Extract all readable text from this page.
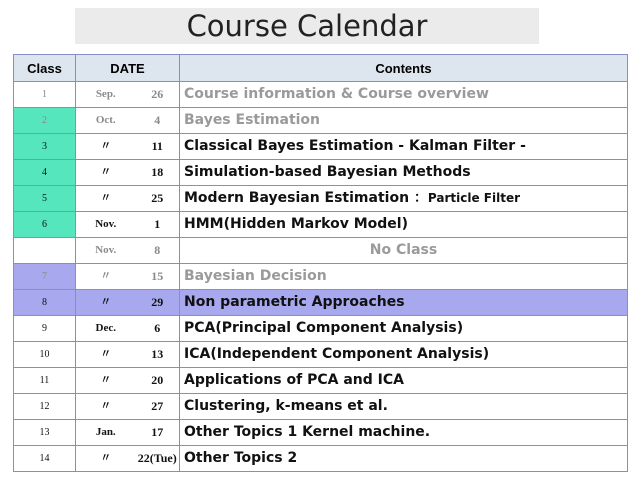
Course Calendar
Class	DATE		Contents
1	Sep.	26	Course information & Course overview
2	Oct.	4	Bayes Estimation
3	〃	11	Classical Bayes Estimation - Kalman Filter -
4	〃	18	Simulation-based Bayesian Methods
5	〃	25	Modern Bayesian Estimation ：Particle Filter
6	Nov.	1	HMM(Hidden Markov Model)
	Nov.	8	No Class
7	〃	15	Bayesian Decision
8	〃	29	Non parametric Approaches
9	Dec.	6	PCA(Principal Component Analysis)
10	〃	13	ICA(Independent Component Analysis)
11	〃	20	Applications of PCA and ICA
12	〃	27	Clustering, k-means et al.
13	Jan.	17	Other Topics 1 Kernel machine.
14	〃	22(Tue)	Other Topics 2
